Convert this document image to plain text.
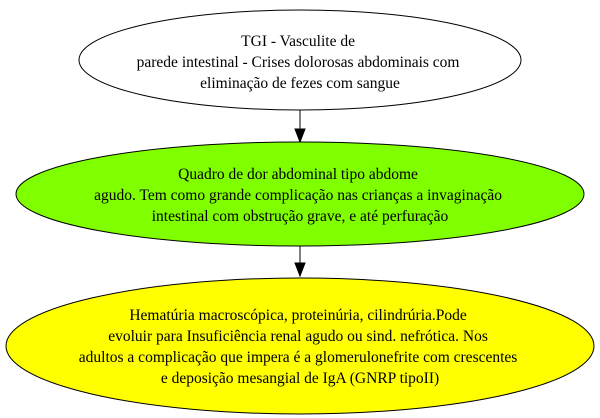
TGI - Vasculite de parede intestinal - Crises dolorosas abdominais com eliminação de fezes com sangue
Quadro de dor abdominal tipo abdome agudo. Tem como grande complicação nas crianças a invaginação intestinal com obstrução grave, e até perfuração
Hematúria macroscópica, proteinúria, cilindrúria.Pode evoluir para Insuficiência renal agudo ou sind. nefrótica. Nos adultos a complicação que impera é a glomerulonefrite com crescentes e deposição mesangial de IgA (GNRP tipoII)
